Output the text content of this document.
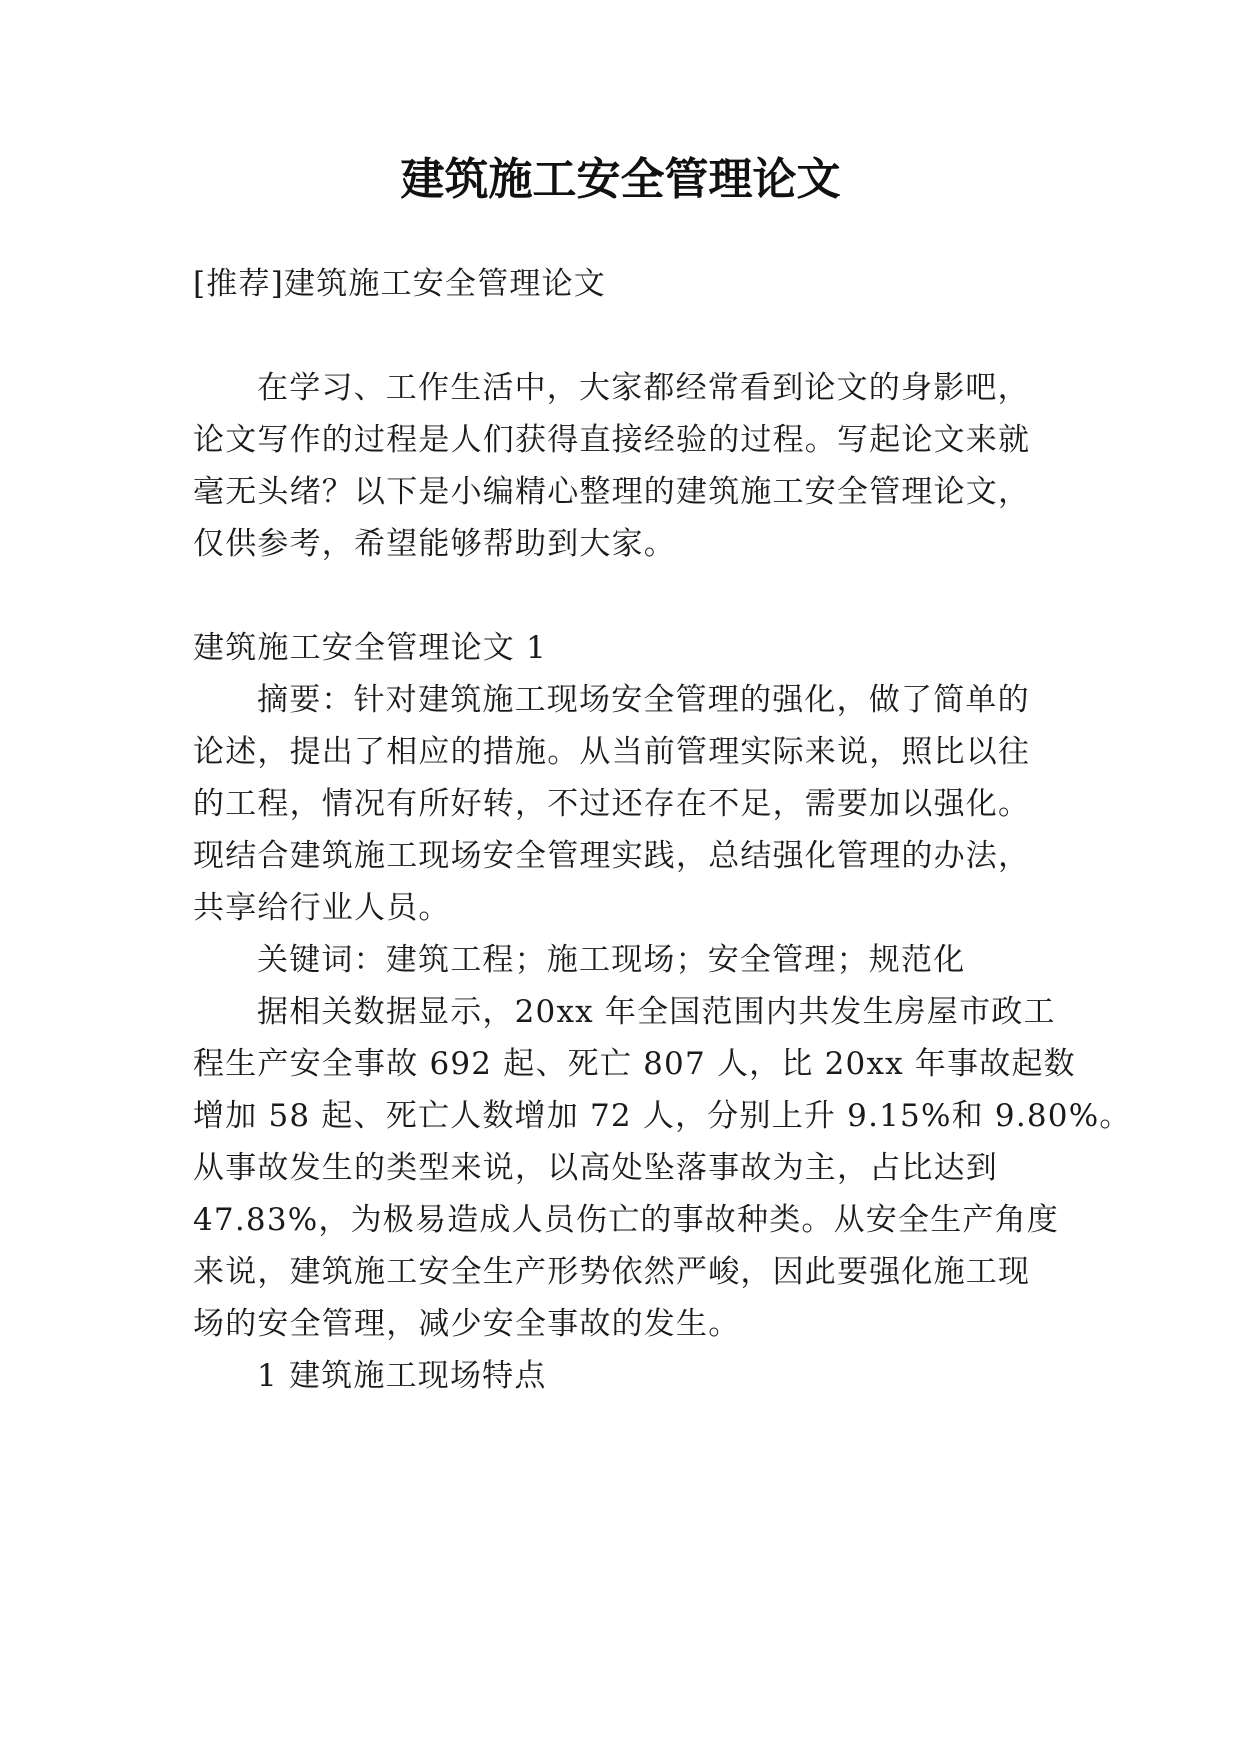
建筑施工安全管理论文

[推荐]建筑施工安全管理论文

在学习、工作生活中，大家都经常看到论文的身影吧，

论文写作的过程是人们获得直接经验的过程。写起论文来就

毫无头绪？以下是小编精心整理的建筑施工安全管理论文，

仅供参考，希望能够帮助到大家。

建筑施工安全管理论文 1

摘要：针对建筑施工现场安全管理的强化，做了简单的

论述，提出了相应的措施。从当前管理实际来说，照比以往

的工程，情况有所好转，不过还存在不足，需要加以强化。

现结合建筑施工现场安全管理实践，总结强化管理的办法，

共享给行业人员。

关键词：建筑工程；施工现场；安全管理；规范化

据相关数据显示，20xx 年全国范围内共发生房屋市政工

程生产安全事故 692 起、死亡 807 人，比 20xx 年事故起数

增加 58 起、死亡人数增加 72 人，分别上升 9.15%和 9.80%。

从事故发生的类型来说，以高处坠落事故为主，占比达到

47.83%，为极易造成人员伤亡的事故种类。从安全生产角度

来说，建筑施工安全生产形势依然严峻，因此要强化施工现

场的安全管理，减少安全事故的发生。

1 建筑施工现场特点
